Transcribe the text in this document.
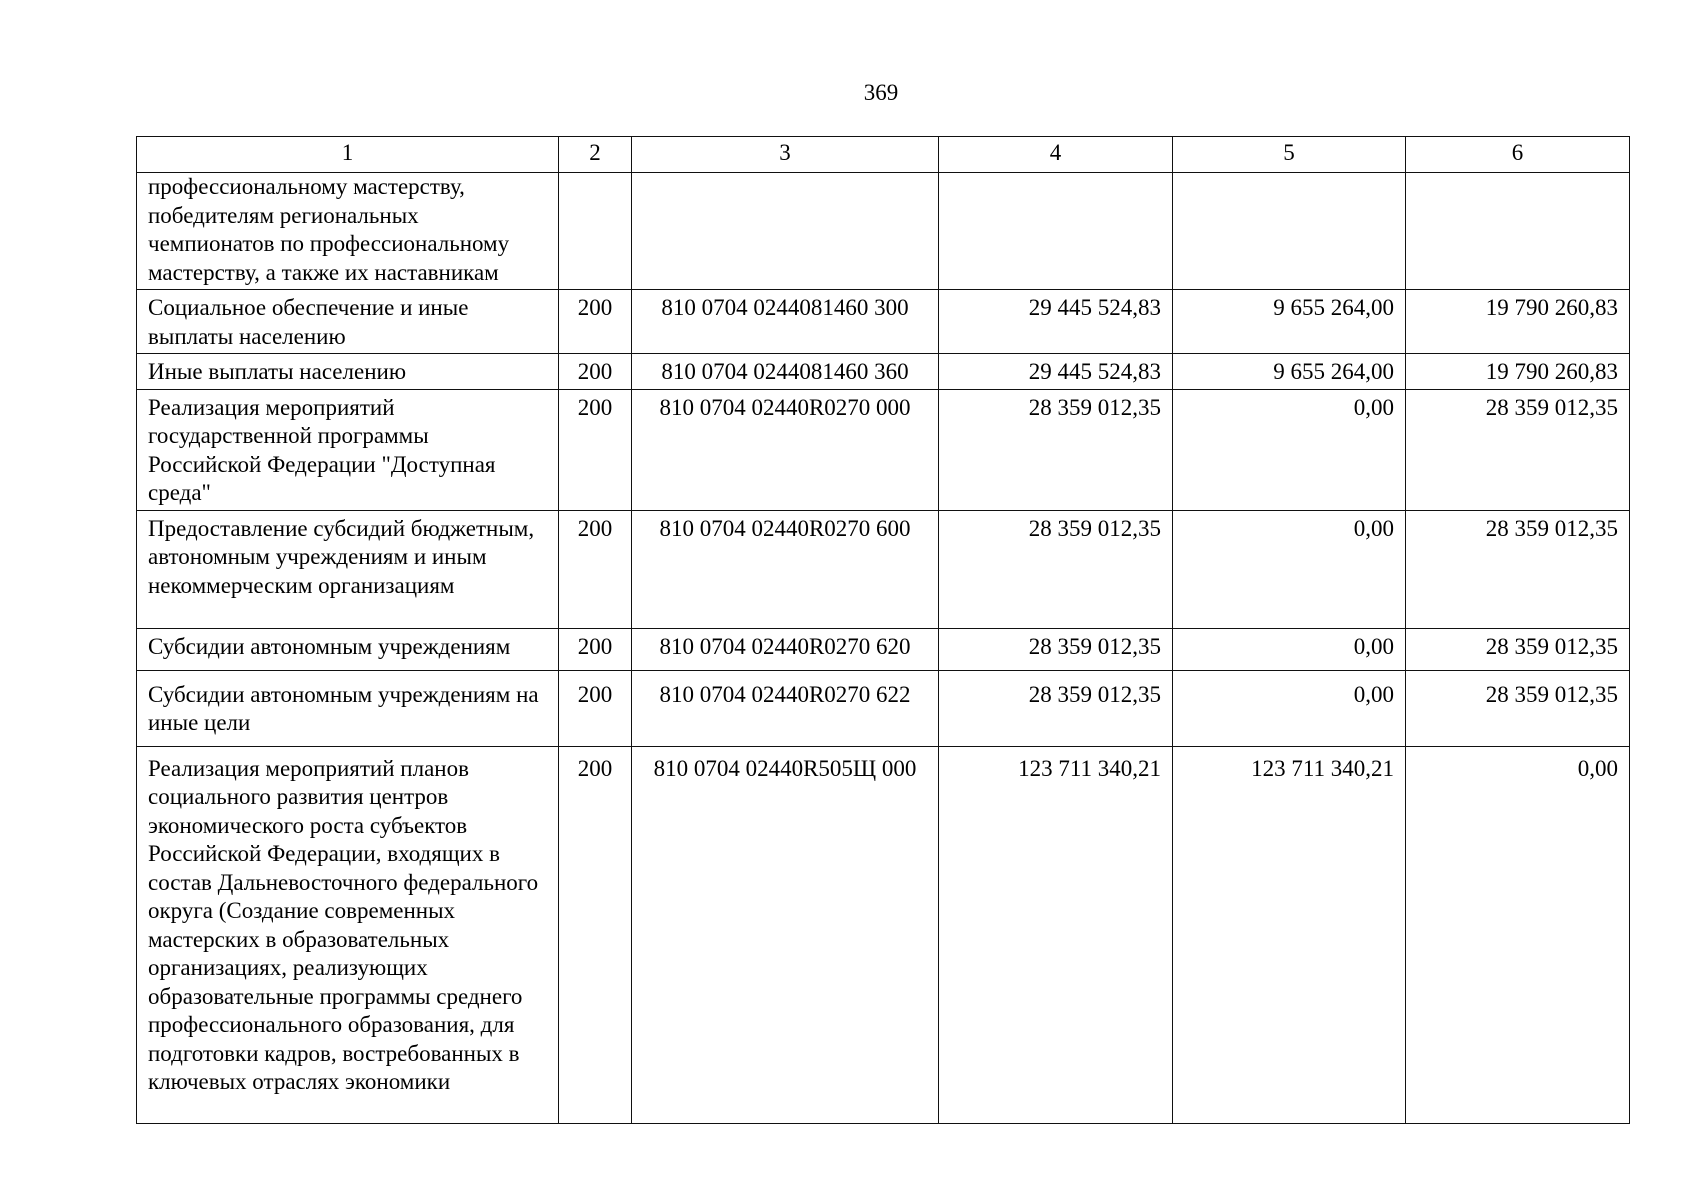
369
1	2	3	4	5	6
профессиональному мастерству, победителям региональных чемпионатов по профессиональному мастерству, а также их наставникам					
Социальное обеспечение и иные выплаты населению	200	810 0704 0244081460 300	29 445 524,83	9 655 264,00	19 790 260,83
Иные выплаты населению	200	810 0704 0244081460 360	29 445 524,83	9 655 264,00	19 790 260,83
Реализация мероприятий государственной программы Российской Федерации "Доступная среда"	200	810 0704 02440R0270 000	28 359 012,35	0,00	28 359 012,35
Предоставление субсидий бюджетным, автономным учреждениям и иным некоммерческим организациям	200	810 0704 02440R0270 600	28 359 012,35	0,00	28 359 012,35
Субсидии автономным учреждениям	200	810 0704 02440R0270 620	28 359 012,35	0,00	28 359 012,35
Субсидии автономным учреждениям на иные цели	200	810 0704 02440R0270 622	28 359 012,35	0,00	28 359 012,35
Реализация мероприятий планов социального развития центров экономического роста субъектов Российской Федерации, входящих в состав Дальневосточного федерального округа (Создание современных мастерских в образовательных организациях, реализующих образовательные программы среднего профессионального образования, для подготовки кадров, востребованных в ключевых отраслях экономики	200	810 0704 02440R505Щ 000	123 711 340,21	123 711 340,21	0,00
